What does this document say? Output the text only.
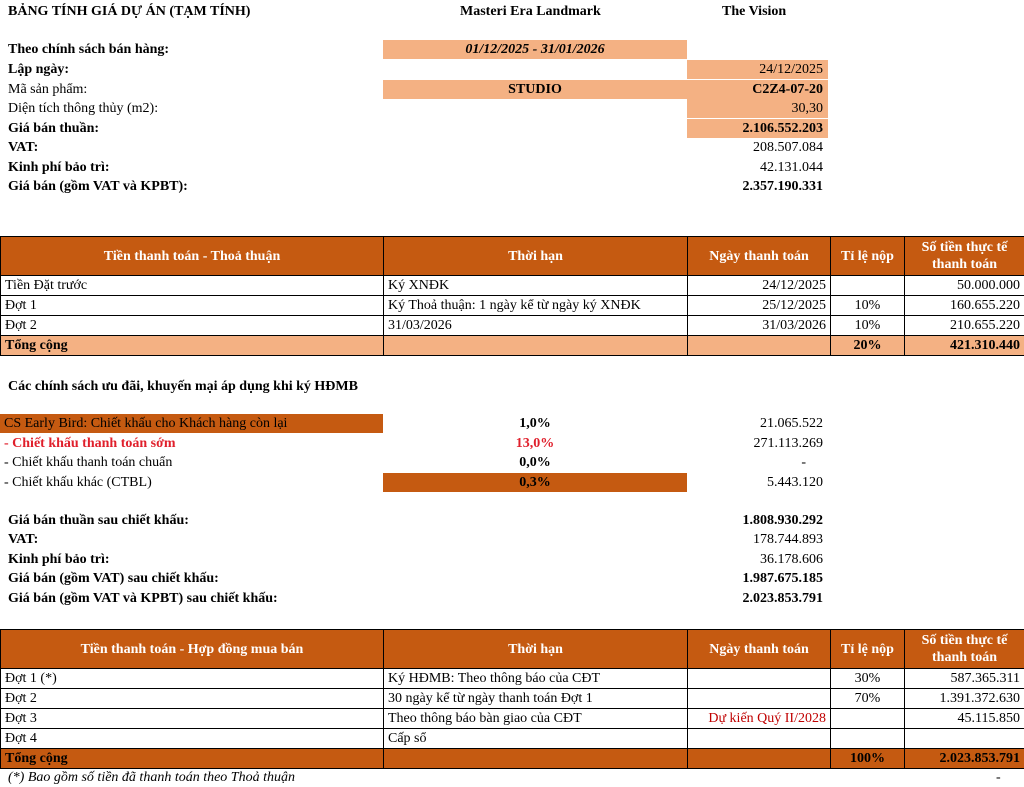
BẢNG TÍNH GIÁ DỰ ÁN (TẠM TÍNH)	Masteri Era Landmark	The Vision
Theo chính sách bán hàng:	01/12/2025 - 31/01/2026
Lập ngày:	24/12/2025
Mã sản phẩm:	STUDIO	C2Z4-07-20
Diện tích thông thủy (m2):	30,30
Giá bán thuần:	2.106.552.203
VAT:	208.507.084
Kinh phí bảo trì:	42.131.044
Giá bán (gồm VAT và KPBT):	2.357.190.331
Tiền thanh toán - Thoả thuận	Thời hạn	Ngày thanh toán	Tỉ lệ nộp	Số tiền thực tế thanh toán
Tiền Đặt trước	Ký XNĐK	24/12/2025		50.000.000
Đợt 1	Ký Thoả thuận: 1 ngày kể từ ngày ký XNĐK	25/12/2025	10%	160.655.220
Đợt 2	31/03/2026	31/03/2026	10%	210.655.220
Tổng cộng			20%	421.310.440
Các chính sách ưu đãi, khuyến mại áp dụng khi ký HĐMB
CS Early Bird: Chiết khấu cho Khách hàng còn lại	1,0%	21.065.522
- Chiết khấu thanh toán sớm	13,0%	271.113.269
- Chiết khấu thanh toán chuẩn	0,0%	-
- Chiết khấu khác (CTBL)	0,3%	5.443.120
Giá bán thuần sau chiết khấu:	1.808.930.292
VAT:	178.744.893
Kinh phí bảo trì:	36.178.606
Giá bán (gồm VAT) sau chiết khấu:	1.987.675.185
Giá bán (gồm VAT và KPBT) sau chiết khấu:	2.023.853.791
Tiền thanh toán - Hợp đồng mua bán	Thời hạn	Ngày thanh toán	Tỉ lệ nộp	Số tiền thực tế thanh toán
Đợt 1 (*)	Ký HĐMB: Theo thông báo của CĐT		30%	587.365.311
Đợt 2	30 ngày kể từ ngày thanh toán Đợt 1		70%	1.391.372.630
Đợt 3	Theo thông báo bàn giao của CĐT	Dự kiến Quý II/2028		45.115.850
Đợt 4	Cấp sổ			
Tổng cộng			100%	2.023.853.791
(*) Bao gồm số tiền đã thanh toán theo Thoả thuận	-
